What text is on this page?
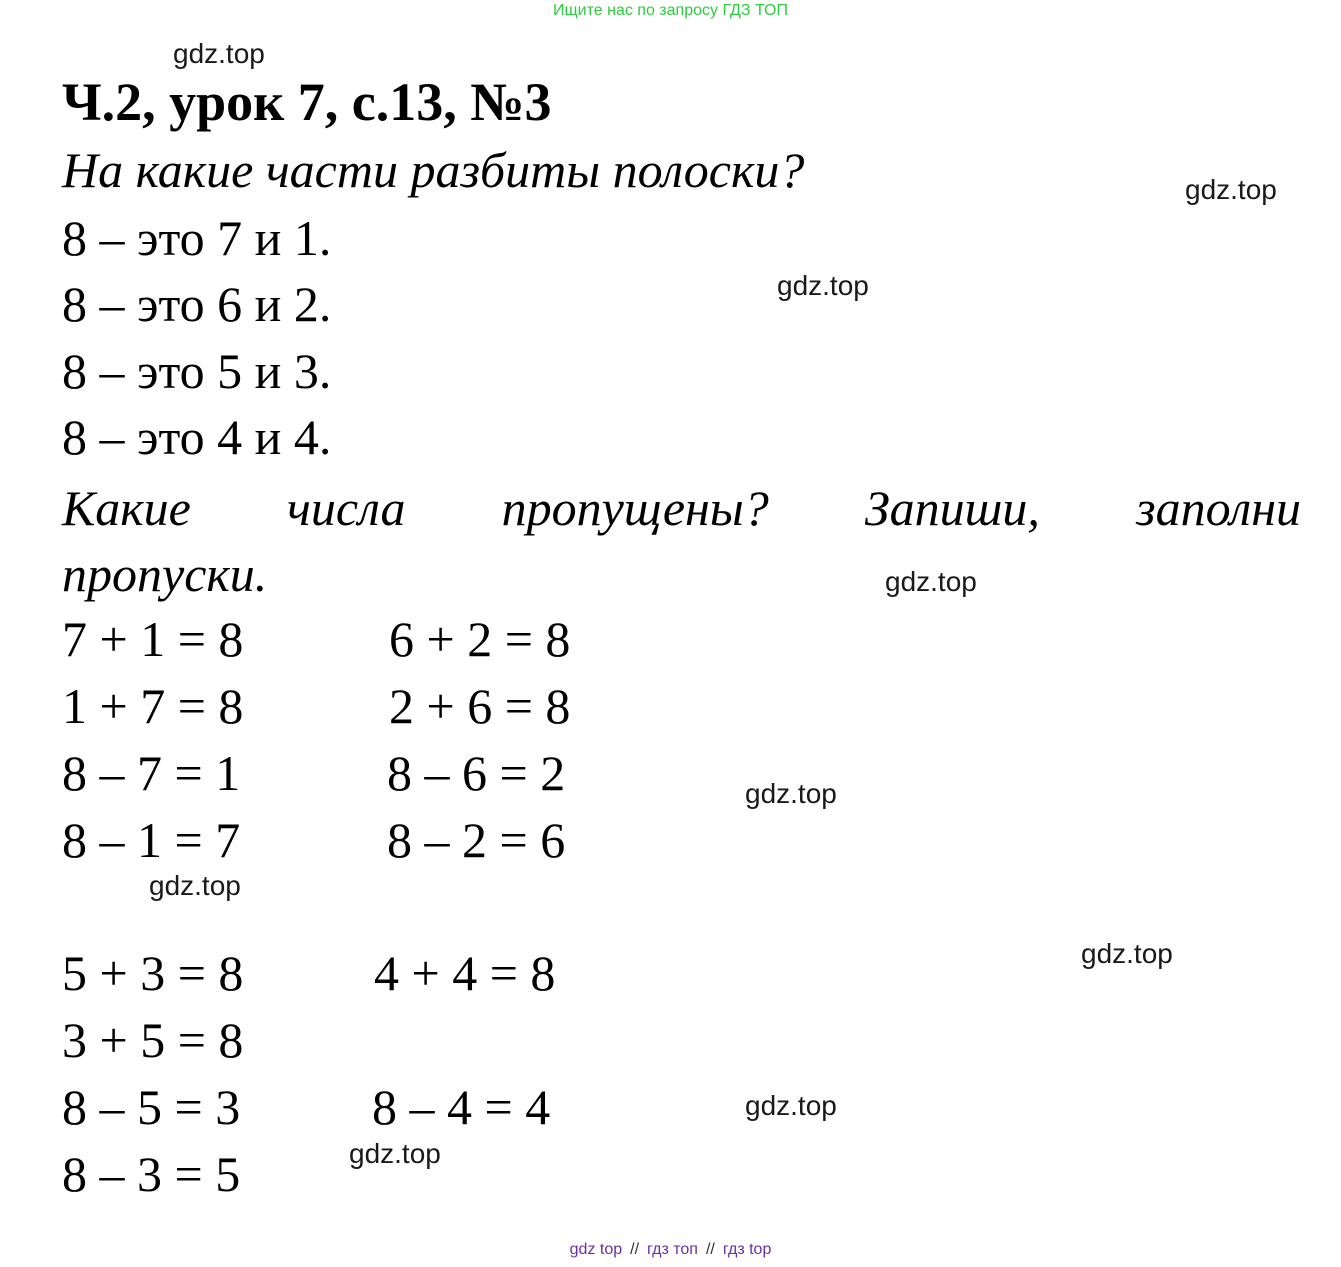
Ищите нас по запросу ГДЗ ТОП
gdz.top
gdz.top
gdz.top
gdz.top
gdz.top
gdz.top
gdz.top
gdz.top
gdz.top
Ч.2, урок 7, с.13, №3
На какие части разбиты полоски?
8 – это 7 и 1.
8 – это 6 и 2.
8 – это 5 и 3.
8 – это 4 и 4.
Какие числа пропущены? Запиши, заполни
пропуски.
7 + 1 = 8
1 + 7 = 8
8 – 7 = 1
8 – 1 = 7
6 + 2 = 8
2 + 6 = 8
8 – 6 = 2
8 – 2 = 6
5 + 3 = 8
3 + 5 = 8
8 – 5 = 3
8 – 3 = 5
4 + 4 = 8
8 – 4 = 4
gdz top // гдз топ // гдз top
